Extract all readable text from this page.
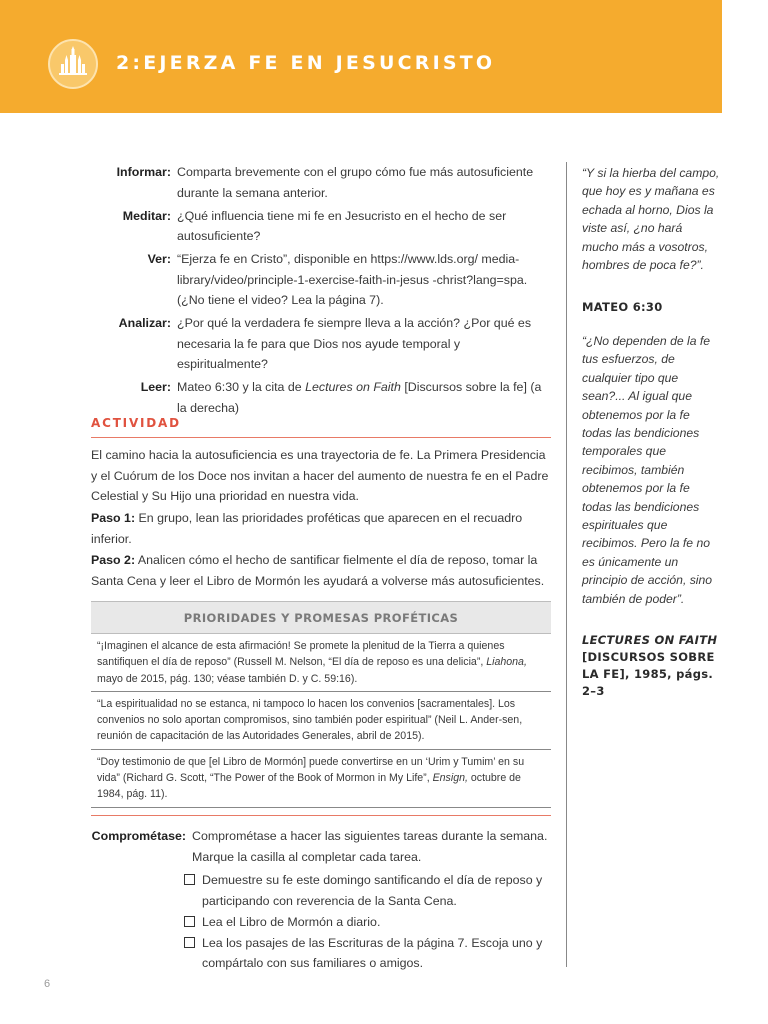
2:EJERZA FE EN JESUCRISTO
Informar: Comparta brevemente con el grupo cómo fue más autosuficiente durante la semana anterior.
Meditar: ¿Qué influencia tiene mi fe en Jesucristo en el hecho de ser autosuficiente?
Ver: “Ejerza fe en Cristo”, disponible en https://www.lds.org/ media-library/video/principle-1-exercise-faith-in-jesus -christ?lang=spa. (¿No tiene el video? Lea la página 7).
Analizar: ¿Por qué la verdadera fe siempre lleva a la acción? ¿Por qué es necesaria la fe para que Dios nos ayude temporal y espiritualmente?
Leer: Mateo 6:30 y la cita de Lectures on Faith [Discursos sobre la fe] (a la derecha)
ACTIVIDAD
El camino hacia la autosuficiencia es una trayectoria de fe. La Primera Presidencia y el Cuórum de los Doce nos invitan a hacer del aumento de nuestra fe en el Padre Celestial y Su Hijo una prioridad en nuestra vida.
Paso 1: En grupo, lean las prioridades proféticas que aparecen en el recuadro inferior.
Paso 2: Analicen cómo el hecho de santificar fielmente el día de reposo, tomar la Santa Cena y leer el Libro de Mormón les ayudará a volverse más autosuficientes.
PRIORIDADES Y PROMESAS PROFÉTICAS
“¡Imaginen el alcance de esta afirmación! Se promete la plenitud de la Tierra a quienes santifiquen el día de reposo” (Russell M. Nelson, “El día de reposo es una delicia”, Liahona, mayo de 2015, pág. 130; véase también D. y C. 59:16).
“La espiritualidad no se estanca, ni tampoco lo hacen los convenios [sacramentales]. Los convenios no solo aportan compromisos, sino también poder espiritual” (Neil L. Ander-sen, reunión de capacitación de las Autoridades Generales, abril de 2015).
“Doy testimonio de que [el Libro de Mormón] puede convertirse en un ‘Urim y Tumim’ en su vida” (Richard G. Scott, “The Power of the Book of Mormon in My Life”, Ensign, octubre de 1984, pág. 11).
Comprométase: Comprométase a hacer las siguientes tareas durante la semana. Marque la casilla al completar cada tarea.
Demuestre su fe este domingo santificando el día de reposo y participando con reverencia de la Santa Cena.
Lea el Libro de Mormón a diario.
Lea los pasajes de las Escrituras de la página 7. Escoja uno y compártalo con sus familiares o amigos.
“Y si la hierba del campo, que hoy es y mañana es echada al horno, Dios la viste así, ¿no hará mucho más a vosotros, hombres de poca fe?”.
MATEO 6:30
“¿No dependen de la fe tus esfuerzos, de cualquier tipo que sean?... Al igual que obtenemos por la fe todas las bendiciones temporales que recibimos, también obtenemos por la fe todas las bendiciones espirituales que recibimos. Pero la fe no es únicamente un principio de acción, sino también de poder”.
LECTURES ON FAITH [DISCURSOS SOBRE LA FE], 1985, págs. 2–3
6
